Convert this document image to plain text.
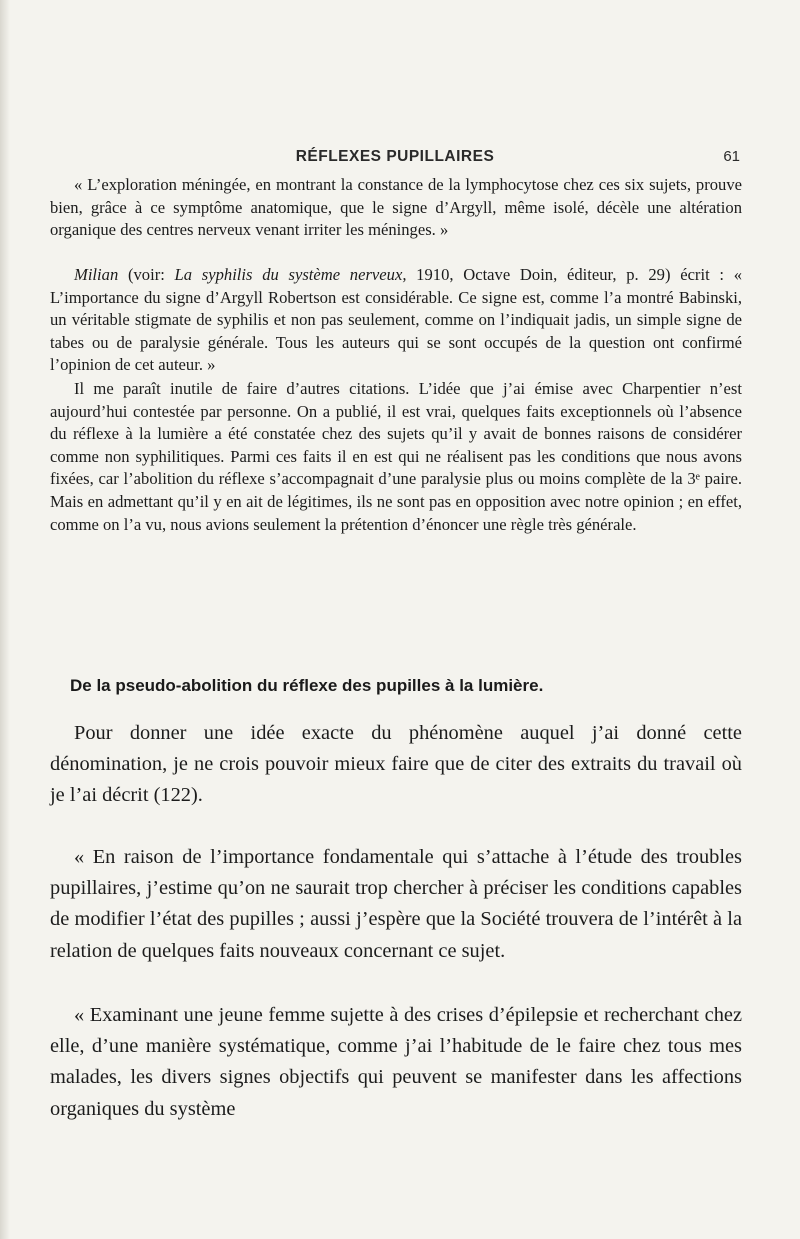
RÉFLEXES PUPILLAIRES	61

« L’exploration méningée, en montrant la constance de la lymphocytose chez ces six sujets, prouve bien, grâce à ce symptôme anatomique, que le signe d’Argyll, même isolé, décèle une altération organique des centres nerveux venant irriter les méninges. »

Milian (voir: La syphilis du système nerveux, 1910, Octave Doin, éditeur, p. 29) écrit : « L’importance du signe d’Argyll Robertson est considérable. Ce signe est, comme l’a montré Babinski, un véritable stigmate de syphilis et non pas seulement, comme on l’indiquait jadis, un simple signe de tabes ou de paralysie générale. Tous les auteurs qui se sont occupés de la question ont confirmé l’opinion de cet auteur. »

Il me paraît inutile de faire d’autres citations. L’idée que j’ai émise avec Charpentier n’est aujourd’hui contestée par personne. On a publié, il est vrai, quelques faits exceptionnels où l’absence du réflexe à la lumière a été constatée chez des sujets qu’il y avait de bonnes raisons de considérer comme non syphilitiques. Parmi ces faits il en est qui ne réalisent pas les conditions que nous avons fixées, car l’abolition du réflexe s’accompagnait d’une paralysie plus ou moins complète de la 3ᵉ paire. Mais en admettant qu’il y en ait de légitimes, ils ne sont pas en opposition avec notre opinion ; en effet, comme on l’a vu, nous avions seulement la prétention d’énoncer une règle très générale.

De la pseudo-abolition du réflexe des pupilles à la lumière.

Pour donner une idée exacte du phénomène auquel j’ai donné cette dénomination, je ne crois pouvoir mieux faire que de citer des extraits du travail où je l’ai décrit (122).

« En raison de l’importance fondamentale qui s’attache à l’étude des troubles pupillaires, j’estime qu’on ne saurait trop chercher à préciser les conditions capables de modifier l’état des pupilles ; aussi j’espère que la Société trouvera de l’intérêt à la relation de quelques faits nouveaux concernant ce sujet.

« Examinant une jeune femme sujette à des crises d’épilepsie et recherchant chez elle, d’une manière systématique, comme j’ai l’habitude de le faire chez tous mes malades, les divers signes objectifs qui peuvent se manifester dans les affections organiques du système
